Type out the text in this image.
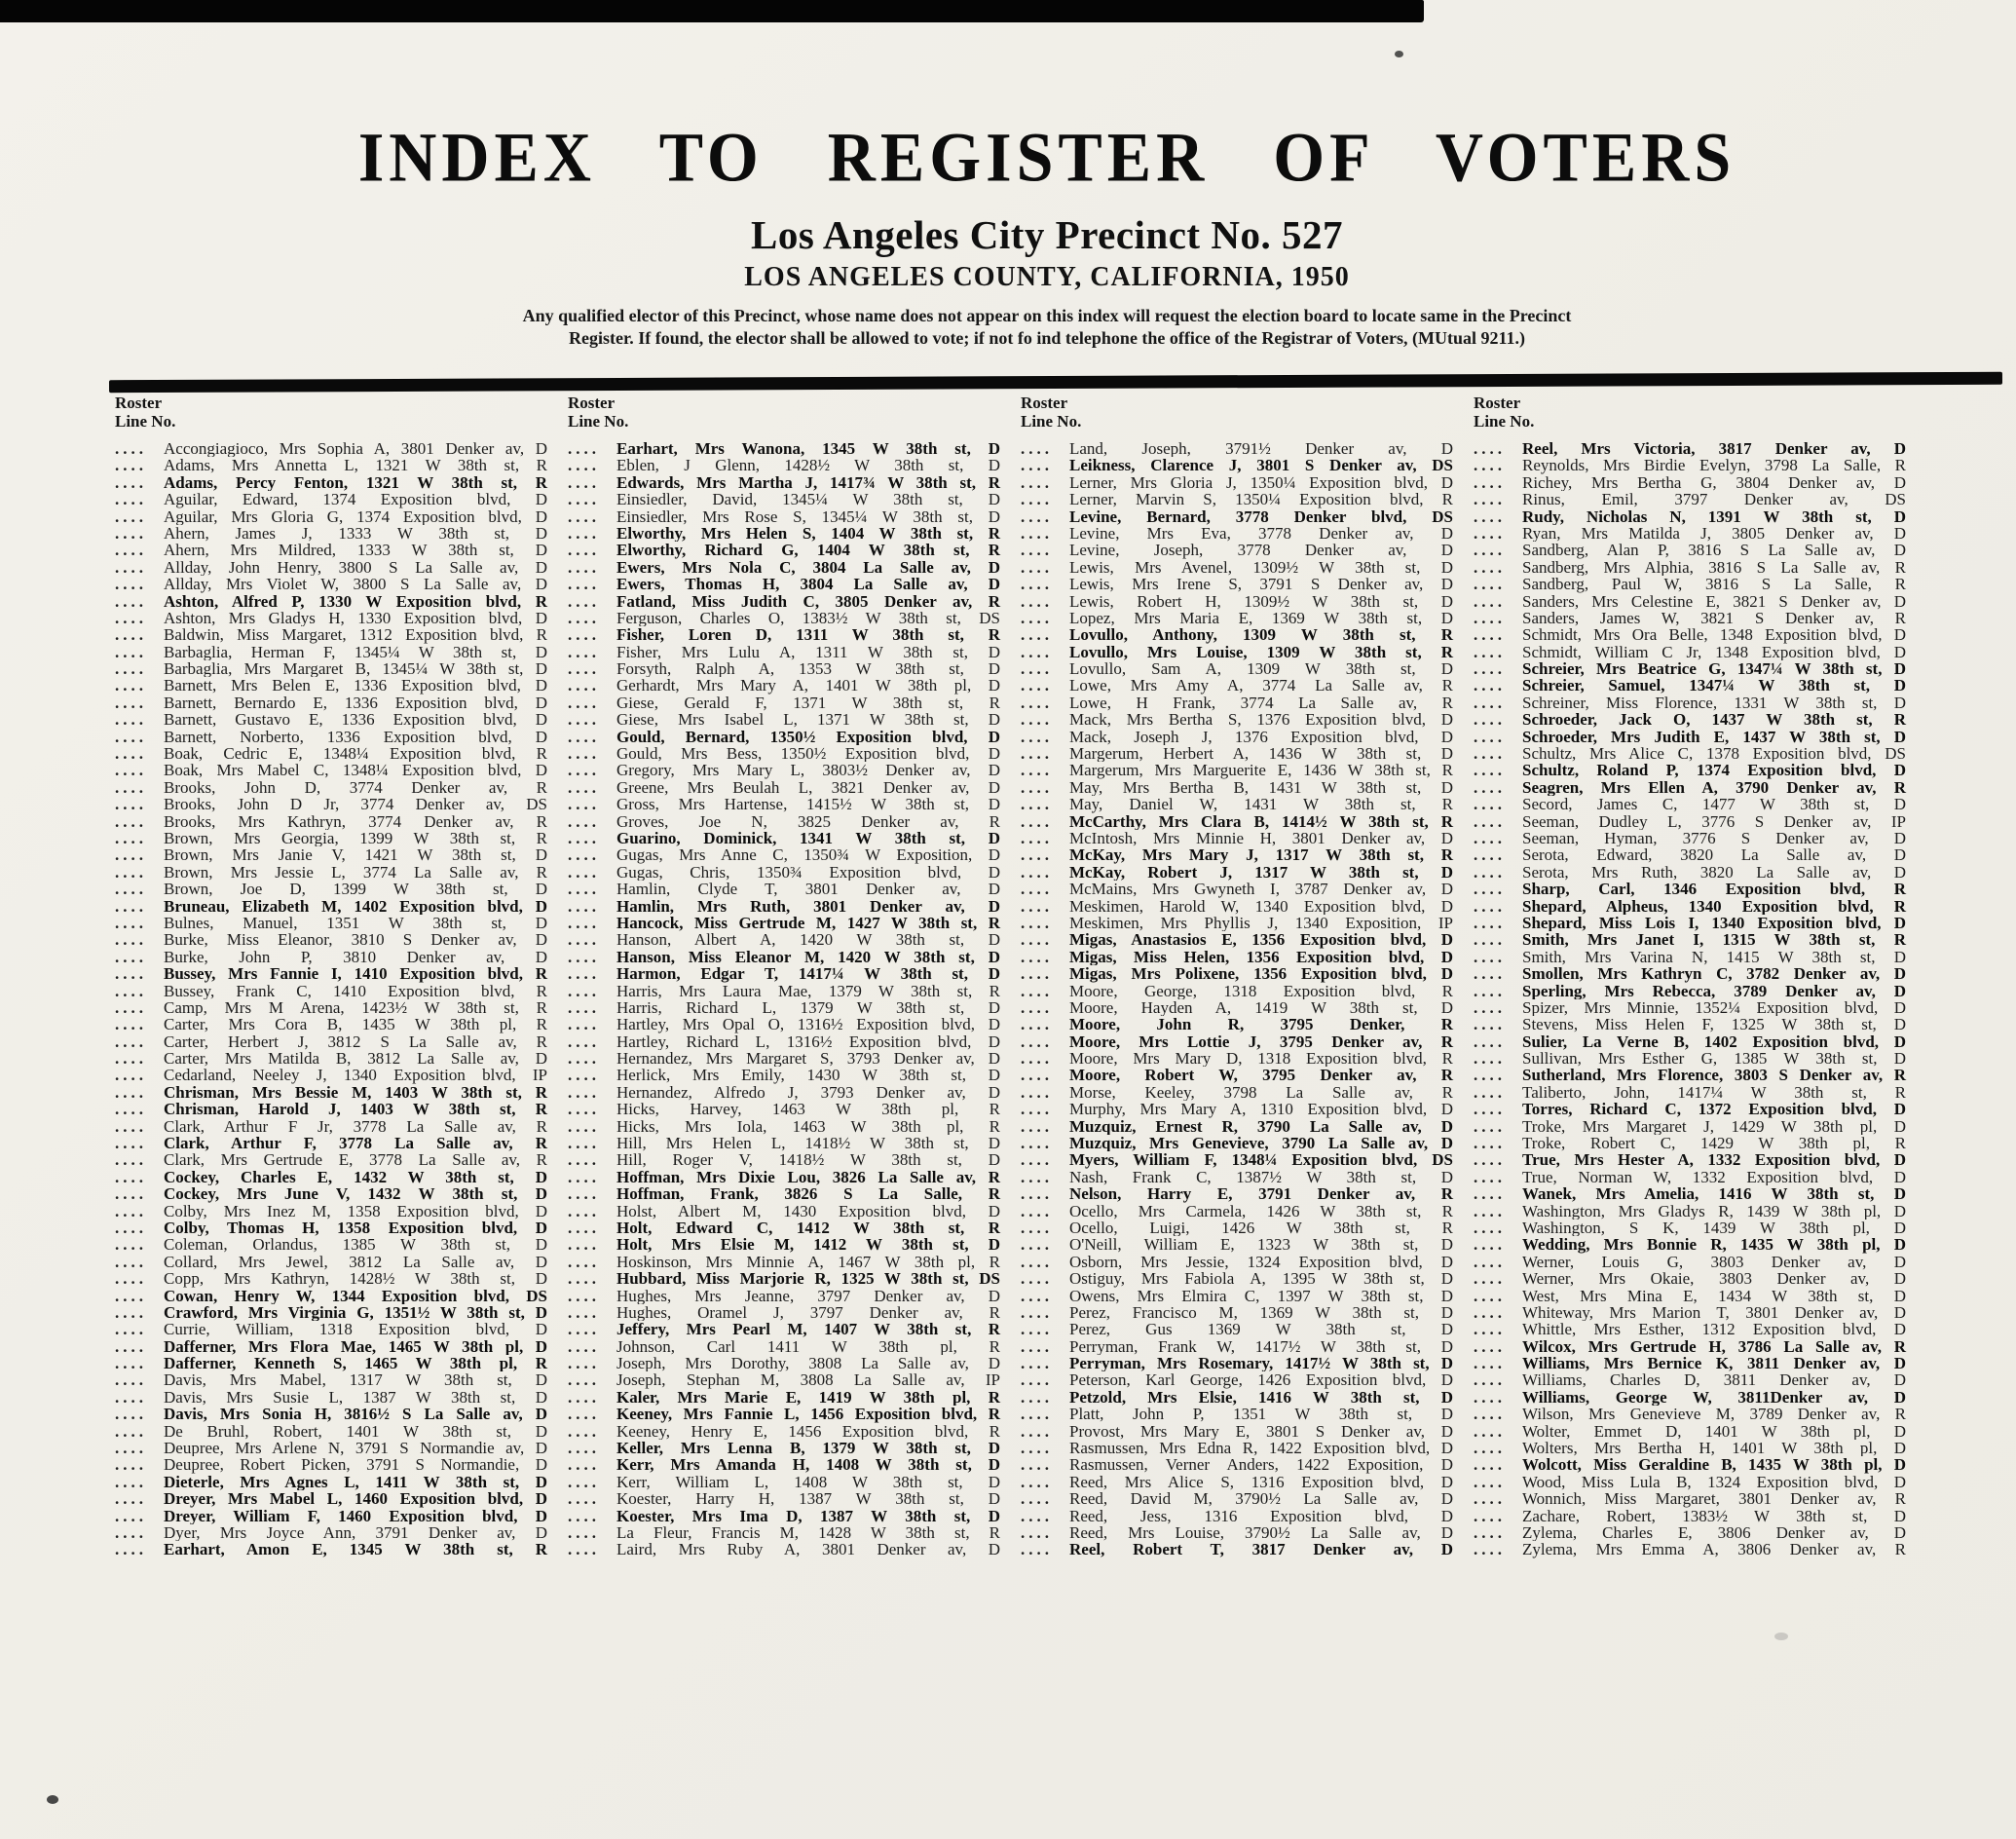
INDEX TO REGISTER OF VOTERS
Los Angeles City Precinct No. 527
LOS ANGELES COUNTY, CALIFORNIA, 1950
Any qualified elector of this Precinct, whose name does not appear on this index will request the election board to locate same in the Precinct
Register. If found, the elector shall be allowed to vote; if not fo ind telephone the office of the Registrar of Voters, (MUtual 9211.)
Roster
Line No.
....	Accongiagioco, Mrs Sophia A, 3801 Denker av, D
....	Adams, Mrs Annetta L, 1321 W 38th st, R
....	Adams, Percy Fenton, 1321 W 38th st, R
....	Aguilar, Edward, 1374 Exposition blvd, D
....	Aguilar, Mrs Gloria G, 1374 Exposition blvd, D
....	Ahern, James J, 1333 W 38th st, D
....	Ahern, Mrs Mildred, 1333 W 38th st, D
....	Allday, John Henry, 3800 S La Salle av, D
....	Allday, Mrs Violet W, 3800 S La Salle av, D
....	Ashton, Alfred P, 1330 W Exposition blvd, R
....	Ashton, Mrs Gladys H, 1330 Exposition blvd, D
....	Baldwin, Miss Margaret, 1312 Exposition blvd, R
....	Barbaglia, Herman F, 1345¼ W 38th st, D
....	Barbaglia, Mrs Margaret B, 1345¼ W 38th st, D
....	Barnett, Mrs Belen E, 1336 Exposition blvd, D
....	Barnett, Bernardo E, 1336 Exposition blvd, D
....	Barnett, Gustavo E, 1336 Exposition blvd, D
....	Barnett, Norberto, 1336 Exposition blvd, D
....	Boak, Cedric E, 1348¼ Exposition blvd, R
....	Boak, Mrs Mabel C, 1348¼ Exposition blvd, D
....	Brooks, John D, 3774 Denker av, R
....	Brooks, John D Jr, 3774 Denker av, DS
....	Brooks, Mrs Kathryn, 3774 Denker av, R
....	Brown, Mrs Georgia, 1399 W 38th st, R
....	Brown, Mrs Janie V, 1421 W 38th st, D
....	Brown, Mrs Jessie L, 3774 La Salle av, R
....	Brown, Joe D, 1399 W 38th st, D
....	Bruneau, Elizabeth M, 1402 Exposition blvd, D
....	Bulnes, Manuel, 1351 W 38th st, D
....	Burke, Miss Eleanor, 3810 S Denker av, D
....	Burke, John P, 3810 Denker av, D
....	Bussey, Mrs Fannie I, 1410 Exposition blvd, R
....	Bussey, Frank C, 1410 Exposition blvd, R
....	Camp, Mrs M Arena, 1423½ W 38th st, R
....	Carter, Mrs Cora B, 1435 W 38th pl, R
....	Carter, Herbert J, 3812 S La Salle av, R
....	Carter, Mrs Matilda B, 3812 La Salle av, D
....	Cedarland, Neeley J, 1340 Exposition blvd, IP
....	Chrisman, Mrs Bessie M, 1403 W 38th st, R
....	Chrisman, Harold J, 1403 W 38th st, R
....	Clark, Arthur F Jr, 3778 La Salle av, R
....	Clark, Arthur F, 3778 La Salle av, R
....	Clark, Mrs Gertrude E, 3778 La Salle av, R
....	Cockey, Charles E, 1432 W 38th st, D
....	Cockey, Mrs June V, 1432 W 38th st, D
....	Colby, Mrs Inez M, 1358 Exposition blvd, D
....	Colby, Thomas H, 1358 Exposition blvd, D
....	Coleman, Orlandus, 1385 W 38th st, D
....	Collard, Mrs Jewel, 3812 La Salle av, D
....	Copp, Mrs Kathryn, 1428½ W 38th st, D
....	Cowan, Henry W, 1344 Exposition blvd, DS
....	Crawford, Mrs Virginia G, 1351½ W 38th st, D
....	Currie, William, 1318 Exposition blvd, D
....	Dafferner, Mrs Flora Mae, 1465 W 38th pl, D
....	Dafferner, Kenneth S, 1465 W 38th pl, R
....	Davis, Mrs Mabel, 1317 W 38th st, D
....	Davis, Mrs Susie L, 1387 W 38th st, D
....	Davis, Mrs Sonia H, 3816½ S La Salle av, D
....	De Bruhl, Robert, 1401 W 38th st, D
....	Deupree, Mrs Arlene N, 3791 S Normandie av, D
....	Deupree, Robert Picken, 3791 S Normandie, D
....	Dieterle, Mrs Agnes L, 1411 W 38th st, D
....	Dreyer, Mrs Mabel L, 1460 Exposition blvd, D
....	Dreyer, William F, 1460 Exposition blvd, D
....	Dyer, Mrs Joyce Ann, 3791 Denker av, D
....	Earhart, Amon E, 1345 W 38th st, R
Roster
Line No.
....	Earhart, Mrs Wanona, 1345 W 38th st, D
....	Eblen, J Glenn, 1428½ W 38th st, D
....	Edwards, Mrs Martha J, 1417¾ W 38th st, R
....	Einsiedler, David, 1345¼ W 38th st, D
....	Einsiedler, Mrs Rose S, 1345¼ W 38th st, D
....	Elworthy, Mrs Helen S, 1404 W 38th st, R
....	Elworthy, Richard G, 1404 W 38th st, R
....	Ewers, Mrs Nola C, 3804 La Salle av, D
....	Ewers, Thomas H, 3804 La Salle av, D
....	Fatland, Miss Judith C, 3805 Denker av, R
....	Ferguson, Charles O, 1383½ W 38th st, DS
....	Fisher, Loren D, 1311 W 38th st, R
....	Fisher, Mrs Lulu A, 1311 W 38th st, D
....	Forsyth, Ralph A, 1353 W 38th st, D
....	Gerhardt, Mrs Mary A, 1401 W 38th pl, D
....	Giese, Gerald F, 1371 W 38th st, R
....	Giese, Mrs Isabel L, 1371 W 38th st, D
....	Gould, Bernard, 1350½ Exposition blvd, D
....	Gould, Mrs Bess, 1350½ Exposition blvd, D
....	Gregory, Mrs Mary L, 3803½ Denker av, D
....	Greene, Mrs Beulah L, 3821 Denker av, D
....	Gross, Mrs Hartense, 1415½ W 38th st, D
....	Groves, Joe N, 3825 Denker av, R
....	Guarino, Dominick, 1341 W 38th st, D
....	Gugas, Mrs Anne C, 1350¾ W Exposition, D
....	Gugas, Chris, 1350¾ Exposition blvd, D
....	Hamlin, Clyde T, 3801 Denker av, D
....	Hamlin, Mrs Ruth, 3801 Denker av, D
....	Hancock, Miss Gertrude M, 1427 W 38th st, R
....	Hanson, Albert A, 1420 W 38th st, D
....	Hanson, Miss Eleanor M, 1420 W 38th st, D
....	Harmon, Edgar T, 1417¼ W 38th st, D
....	Harris, Mrs Laura Mae, 1379 W 38th st, R
....	Harris, Richard L, 1379 W 38th st, D
....	Hartley, Mrs Opal O, 1316½ Exposition blvd, D
....	Hartley, Richard L, 1316½ Exposition blvd, D
....	Hernandez, Mrs Margaret S, 3793 Denker av, D
....	Herlick, Mrs Emily, 1430 W 38th st, D
....	Hernandez, Alfredo J, 3793 Denker av, D
....	Hicks, Harvey, 1463 W 38th pl, R
....	Hicks, Mrs Iola, 1463 W 38th pl, R
....	Hill, Mrs Helen L, 1418½ W 38th st, D
....	Hill, Roger V, 1418½ W 38th st, D
....	Hoffman, Mrs Dixie Lou, 3826 La Salle av, R
....	Hoffman, Frank, 3826 S La Salle, R
....	Holst, Albert M, 1430 Exposition blvd, D
....	Holt, Edward C, 1412 W 38th st, R
....	Holt, Mrs Elsie M, 1412 W 38th st, D
....	Hoskinson, Mrs Minnie A, 1467 W 38th pl, R
....	Hubbard, Miss Marjorie R, 1325 W 38th st, DS
....	Hughes, Mrs Jeanne, 3797 Denker av, D
....	Hughes, Oramel J, 3797 Denker av, R
....	Jeffery, Mrs Pearl M, 1407 W 38th st, R
....	Johnson, Carl 1411 W 38th pl, R
....	Joseph, Mrs Dorothy, 3808 La Salle av, D
....	Joseph, Stephan M, 3808 La Salle av, IP
....	Kaler, Mrs Marie E, 1419 W 38th pl, R
....	Keeney, Mrs Fannie L, 1456 Exposition blvd, R
....	Keeney, Henry E, 1456 Exposition blvd, R
....	Keller, Mrs Lenna B, 1379 W 38th st, D
....	Kerr, Mrs Amanda H, 1408 W 38th st, D
....	Kerr, William L, 1408 W 38th st, D
....	Koester, Harry H, 1387 W 38th st, D
....	Koester, Mrs Ima D, 1387 W 38th st, D
....	La Fleur, Francis M, 1428 W 38th st, R
....	Laird, Mrs Ruby A, 3801 Denker av, D
Roster
Line No.
....	Land, Joseph, 3791½ Denker av, D
....	Leikness, Clarence J, 3801 S Denker av, DS
....	Lerner, Mrs Gloria J, 1350¼ Exposition blvd, D
....	Lerner, Marvin S, 1350¼ Exposition blvd, R
....	Levine, Bernard, 3778 Denker blvd, DS
....	Levine, Mrs Eva, 3778 Denker av, D
....	Levine, Joseph, 3778 Denker av, D
....	Lewis, Mrs Avenel, 1309½ W 38th st, D
....	Lewis, Mrs Irene S, 3791 S Denker av, D
....	Lewis, Robert H, 1309½ W 38th st, D
....	Lopez, Mrs Maria E, 1369 W 38th st, D
....	Lovullo, Anthony, 1309 W 38th st, R
....	Lovullo, Mrs Louise, 1309 W 38th st, R
....	Lovullo, Sam A, 1309 W 38th st, D
....	Lowe, Mrs Amy A, 3774 La Salle av, R
....	Lowe, H Frank, 3774 La Salle av, R
....	Mack, Mrs Bertha S, 1376 Exposition blvd, D
....	Mack, Joseph J, 1376 Exposition blvd, D
....	Margerum, Herbert A, 1436 W 38th st, D
....	Margerum, Mrs Marguerite E, 1436 W 38th st, R
....	May, Mrs Bertha B, 1431 W 38th st, D
....	May, Daniel W, 1431 W 38th st, R
....	McCarthy, Mrs Clara B, 1414½ W 38th st, R
....	McIntosh, Mrs Minnie H, 3801 Denker av, D
....	McKay, Mrs Mary J, 1317 W 38th st, R
....	McKay, Robert J, 1317 W 38th st, D
....	McMains, Mrs Gwyneth I, 3787 Denker av, D
....	Meskimen, Harold W, 1340 Exposition blvd, D
....	Meskimen, Mrs Phyllis J, 1340 Exposition, IP
....	Migas, Anastasios E, 1356 Exposition blvd, D
....	Migas, Miss Helen, 1356 Exposition blvd, D
....	Migas, Mrs Polixene, 1356 Exposition blvd, D
....	Moore, George, 1318 Exposition blvd, R
....	Moore, Hayden A, 1419 W 38th st, D
....	Moore, John R, 3795 Denker, R
....	Moore, Mrs Lottie J, 3795 Denker av, R
....	Moore, Mrs Mary D, 1318 Exposition blvd, R
....	Moore, Robert W, 3795 Denker av, R
....	Morse, Keeley, 3798 La Salle av, R
....	Murphy, Mrs Mary A, 1310 Exposition blvd, D
....	Muzquiz, Ernest R, 3790 La Salle av, D
....	Muzquiz, Mrs Genevieve, 3790 La Salle av, D
....	Myers, William F, 1348¼ Exposition blvd, DS
....	Nash, Frank C, 1387½ W 38th st, D
....	Nelson, Harry E, 3791 Denker av, R
....	Ocello, Mrs Carmela, 1426 W 38th st, R
....	Ocello, Luigi, 1426 W 38th st, R
....	O'Neill, William E, 1323 W 38th st, D
....	Osborn, Mrs Jessie, 1324 Exposition blvd, D
....	Ostiguy, Mrs Fabiola A, 1395 W 38th st, D
....	Owens, Mrs Elmira C, 1397 W 38th st, D
....	Perez, Francisco M, 1369 W 38th st, D
....	Perez, Gus 1369 W 38th st, D
....	Perryman, Frank W, 1417½ W 38th st, D
....	Perryman, Mrs Rosemary, 1417½ W 38th st, D
....	Peterson, Karl George, 1426 Exposition blvd, D
....	Petzold, Mrs Elsie, 1416 W 38th st, D
....	Platt, John P, 1351 W 38th st, D
....	Provost, Mrs Mary E, 3801 S Denker av, D
....	Rasmussen, Mrs Edna R, 1422 Exposition blvd, D
....	Rasmussen, Verner Anders, 1422 Exposition, D
....	Reed, Mrs Alice S, 1316 Exposition blvd, D
....	Reed, David M, 3790½ La Salle av, D
....	Reed, Jess, 1316 Exposition blvd, D
....	Reed, Mrs Louise, 3790½ La Salle av, D
....	Reel, Robert T, 3817 Denker av, D
Roster
Line No.
....	Reel, Mrs Victoria, 3817 Denker av, D
....	Reynolds, Mrs Birdie Evelyn, 3798 La Salle, R
....	Richey, Mrs Bertha G, 3804 Denker av, D
....	Rinus, Emil, 3797 Denker av, DS
....	Rudy, Nicholas N, 1391 W 38th st, D
....	Ryan, Mrs Matilda J, 3805 Denker av, D
....	Sandberg, Alan P, 3816 S La Salle av, D
....	Sandberg, Mrs Alphia, 3816 S La Salle av, R
....	Sandberg, Paul W, 3816 S La Salle, R
....	Sanders, Mrs Celestine E, 3821 S Denker av, D
....	Sanders, James W, 3821 S Denker av, R
....	Schmidt, Mrs Ora Belle, 1348 Exposition blvd, D
....	Schmidt, William C Jr, 1348 Exposition blvd, D
....	Schreier, Mrs Beatrice G, 1347¼ W 38th st, D
....	Schreier, Samuel, 1347¼ W 38th st, D
....	Schreiner, Miss Florence, 1331 W 38th st, D
....	Schroeder, Jack O, 1437 W 38th st, R
....	Schroeder, Mrs Judith E, 1437 W 38th st, D
....	Schultz, Mrs Alice C, 1378 Exposition blvd, DS
....	Schultz, Roland P, 1374 Exposition blvd, D
....	Seagren, Mrs Ellen A, 3790 Denker av, R
....	Secord, James C, 1477 W 38th st, D
....	Seeman, Dudley L, 3776 S Denker av, IP
....	Seeman, Hyman, 3776 S Denker av, D
....	Serota, Edward, 3820 La Salle av, D
....	Serota, Mrs Ruth, 3820 La Salle av, D
....	Sharp, Carl, 1346 Exposition blvd, R
....	Shepard, Alpheus, 1340 Exposition blvd, R
....	Shepard, Miss Lois I, 1340 Exposition blvd, D
....	Smith, Mrs Janet I, 1315 W 38th st, R
....	Smith, Mrs Varina N, 1415 W 38th st, D
....	Smollen, Mrs Kathryn C, 3782 Denker av, D
....	Sperling, Mrs Rebecca, 3789 Denker av, D
....	Spizer, Mrs Minnie, 1352¼ Exposition blvd, D
....	Stevens, Miss Helen F, 1325 W 38th st, D
....	Sulier, La Verne B, 1402 Exposition blvd, D
....	Sullivan, Mrs Esther G, 1385 W 38th st, D
....	Sutherland, Mrs Florence, 3803 S Denker av, R
....	Taliberto, John, 1417¼ W 38th st, R
....	Torres, Richard C, 1372 Exposition blvd, D
....	Troke, Mrs Margaret J, 1429 W 38th pl, D
....	Troke, Robert C, 1429 W 38th pl, R
....	True, Mrs Hester A, 1332 Exposition blvd, D
....	True, Norman W, 1332 Exposition blvd, D
....	Wanek, Mrs Amelia, 1416 W 38th st, D
....	Washington, Mrs Gladys R, 1439 W 38th pl, D
....	Washington, S K, 1439 W 38th pl, D
....	Wedding, Mrs Bonnie R, 1435 W 38th pl, D
....	Werner, Louis G, 3803 Denker av, D
....	Werner, Mrs Okaie, 3803 Denker av, D
....	West, Mrs Mina E, 1434 W 38th st, D
....	Whiteway, Mrs Marion T, 3801 Denker av, D
....	Whittle, Mrs Esther, 1312 Exposition blvd, D
....	Wilcox, Mrs Gertrude H, 3786 La Salle av, R
....	Williams, Mrs Bernice K, 3811 Denker av, D
....	Williams, Charles D, 3811 Denker av, D
....	Williams, George W, 3811Denker av, D
....	Wilson, Mrs Genevieve M, 3789 Denker av, R
....	Wolter, Emmet D, 1401 W 38th pl, D
....	Wolters, Mrs Bertha H, 1401 W 38th pl, D
....	Wolcott, Miss Geraldine B, 1435 W 38th pl, D
....	Wood, Miss Lula B, 1324 Exposition blvd, D
....	Wonnich, Miss Margaret, 3801 Denker av, R
....	Zachare, Robert, 1383½ W 38th st, D
....	Zylema, Charles E, 3806 Denker av, D
....	Zylema, Mrs Emma A, 3806 Denker av, R
